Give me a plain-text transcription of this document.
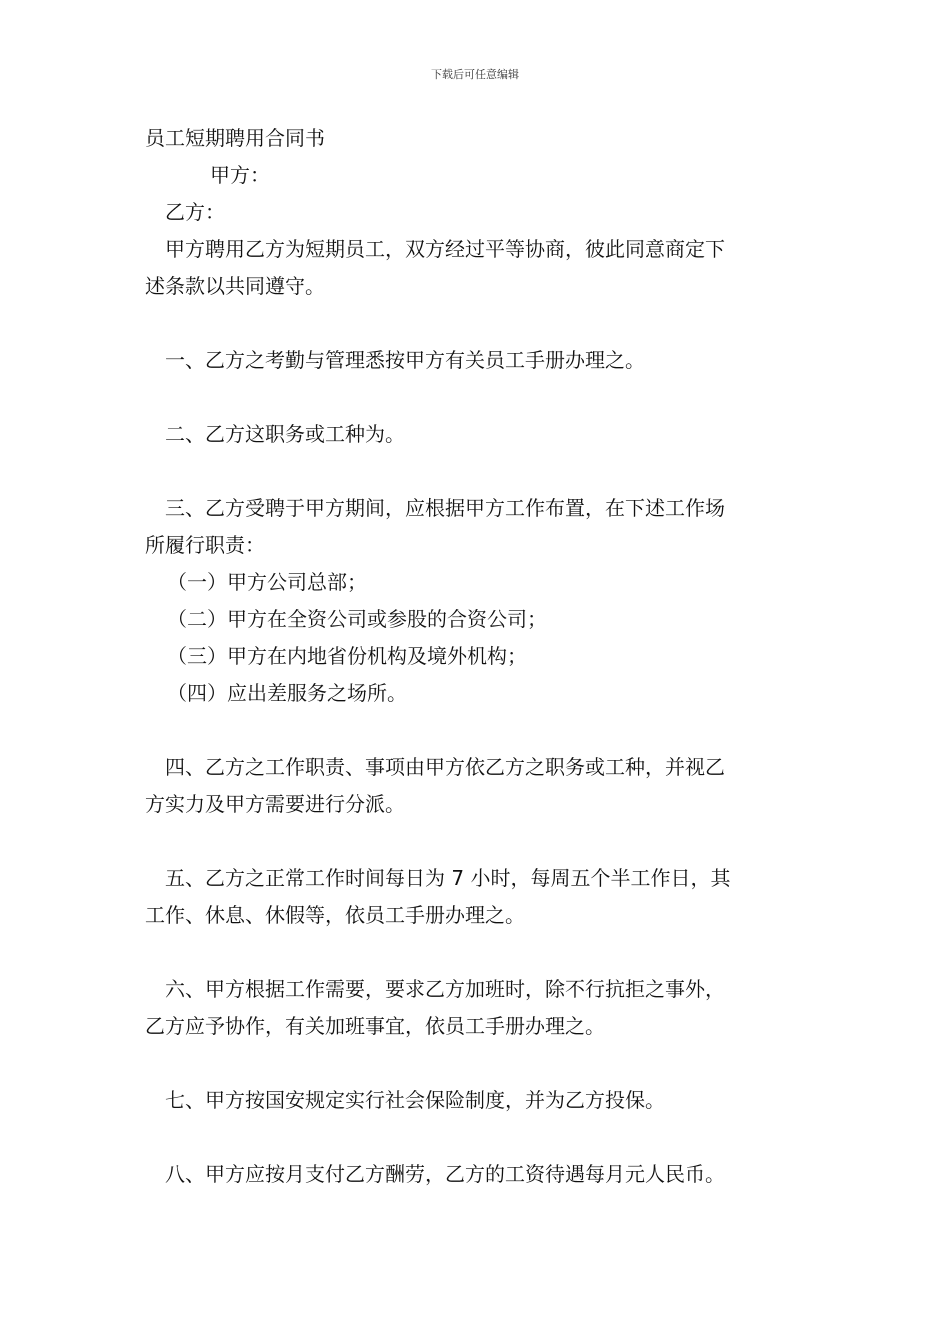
下载后可任意编辑

员工短期聘用合同书

甲方：

乙方：

甲方聘用乙方为短期员工，双方经过平等协商，彼此同意商定下

述条款以共同遵守。

一、乙方之考勤与管理悉按甲方有关员工手册办理之。

二、乙方这职务或工种为。

三、乙方受聘于甲方期间，应根据甲方工作布置，在下述工作场

所履行职责：

（一）甲方公司总部；

（二）甲方在全资公司或参股的合资公司；

（三）甲方在内地省份机构及境外机构；

（四）应出差服务之场所。

四、乙方之工作职责、事项由甲方依乙方之职务或工种，并视乙

方实力及甲方需要进行分派。

五、乙方之正常工作时间每日为 7 小时，每周五个半工作日，其

工作、休息、休假等，依员工手册办理之。

六、甲方根据工作需要，要求乙方加班时，除不行抗拒之事外，

乙方应予协作，有关加班事宜，依员工手册办理之。

七、甲方按国安规定实行社会保险制度，并为乙方投保。

八、甲方应按月支付乙方酬劳，乙方的工资待遇每月元人民币。
